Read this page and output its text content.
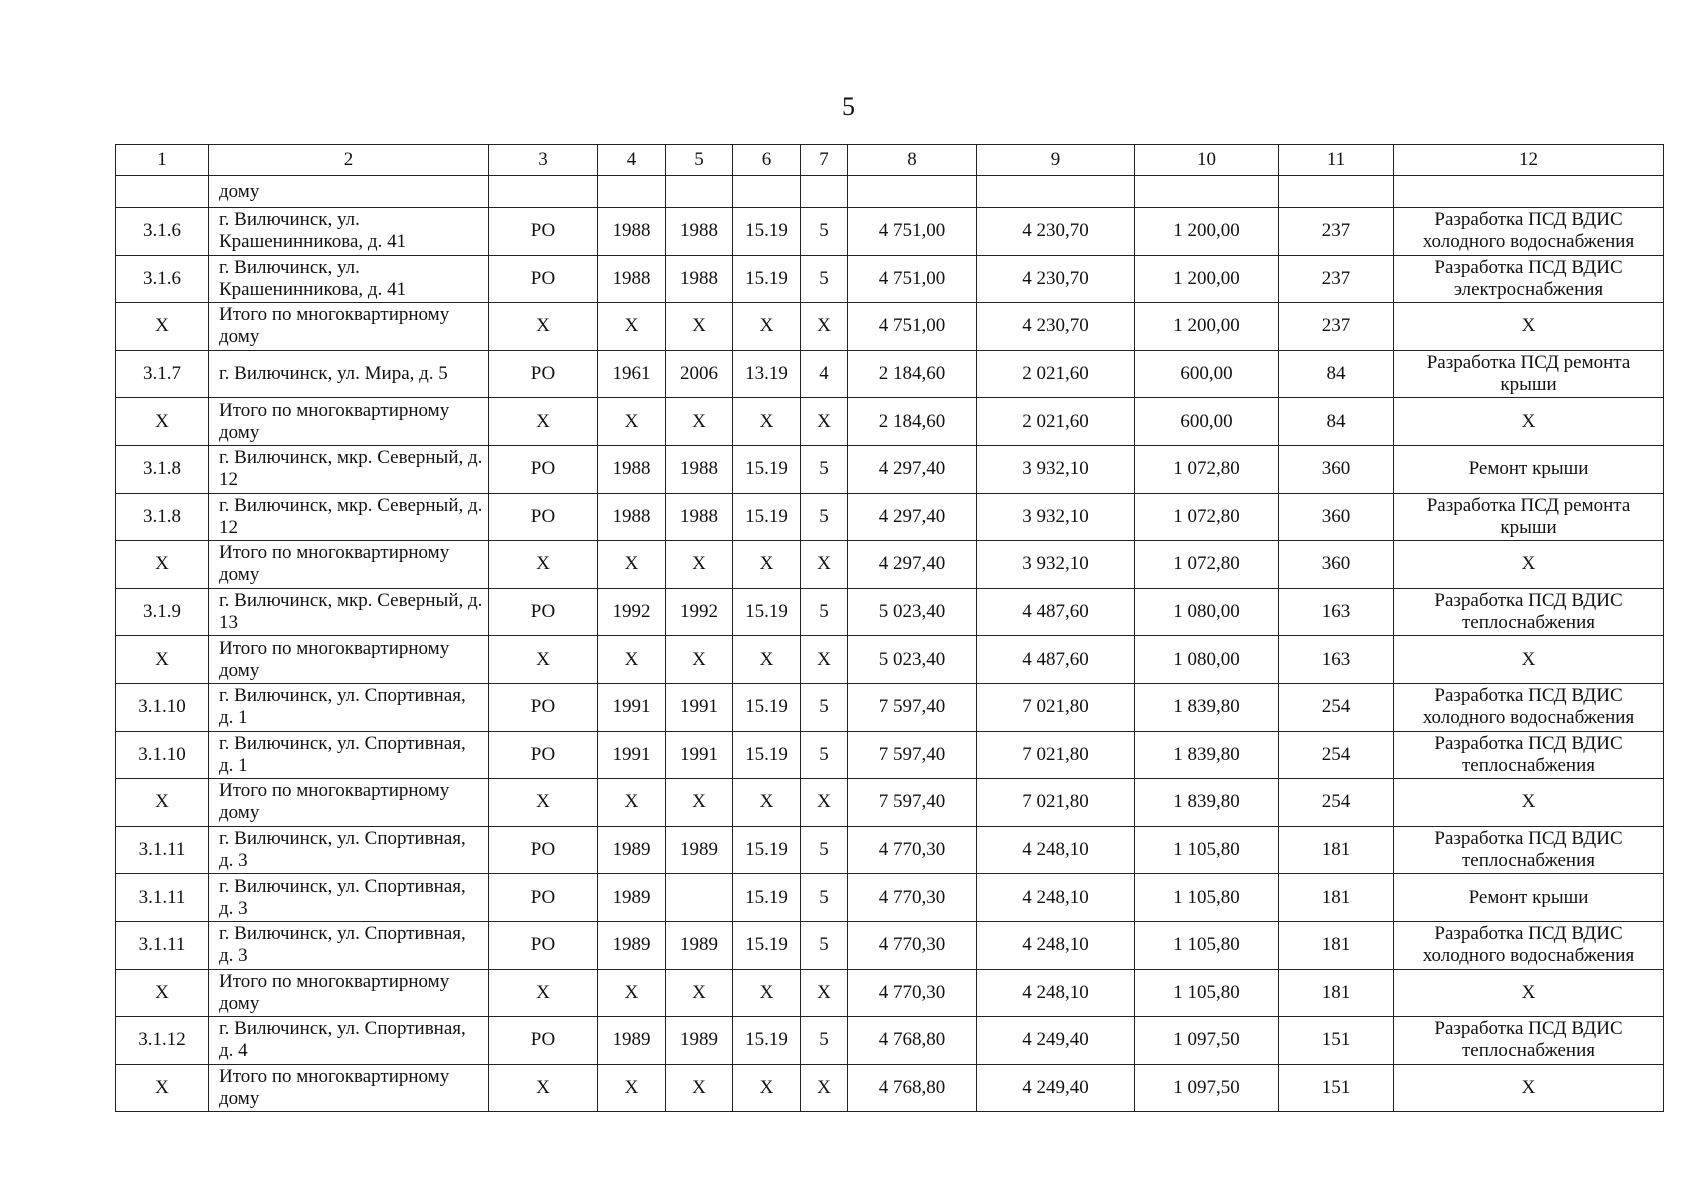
5
1	2	3	4	5	6	7	8	9	10	11	12
	дому										
3.1.6	г. Вилючинск, ул. Крашенинникова, д. 41	РО	1988	1988	15.19	5	4 751,00	4 230,70	1 200,00	237	Разработка ПСД ВДИС холодного водоснабжения
3.1.6	г. Вилючинск, ул. Крашенинникова, д. 41	РО	1988	1988	15.19	5	4 751,00	4 230,70	1 200,00	237	Разработка ПСД ВДИС электроснабжения
Х	Итого по многоквартирному дому	Х	Х	Х	Х	Х	4 751,00	4 230,70	1 200,00	237	Х
3.1.7	г. Вилючинск, ул. Мира, д. 5	РО	1961	2006	13.19	4	2 184,60	2 021,60	600,00	84	Разработка ПСД ремонта крыши
Х	Итого по многоквартирному дому	Х	Х	Х	Х	Х	2 184,60	2 021,60	600,00	84	Х
3.1.8	г. Вилючинск, мкр. Северный, д. 12	РО	1988	1988	15.19	5	4 297,40	3 932,10	1 072,80	360	Ремонт крыши
3.1.8	г. Вилючинск, мкр. Северный, д. 12	РО	1988	1988	15.19	5	4 297,40	3 932,10	1 072,80	360	Разработка ПСД ремонта крыши
Х	Итого по многоквартирному дому	Х	Х	Х	Х	Х	4 297,40	3 932,10	1 072,80	360	Х
3.1.9	г. Вилючинск, мкр. Северный, д. 13	РО	1992	1992	15.19	5	5 023,40	4 487,60	1 080,00	163	Разработка ПСД ВДИС теплоснабжения
Х	Итого по многоквартирному дому	Х	Х	Х	Х	Х	5 023,40	4 487,60	1 080,00	163	Х
3.1.10	г. Вилючинск, ул. Спортивная, д. 1	РО	1991	1991	15.19	5	7 597,40	7 021,80	1 839,80	254	Разработка ПСД ВДИС холодного водоснабжения
3.1.10	г. Вилючинск, ул. Спортивная, д. 1	РО	1991	1991	15.19	5	7 597,40	7 021,80	1 839,80	254	Разработка ПСД ВДИС теплоснабжения
Х	Итого по многоквартирному дому	Х	Х	Х	Х	Х	7 597,40	7 021,80	1 839,80	254	Х
3.1.11	г. Вилючинск, ул. Спортивная, д. 3	РО	1989	1989	15.19	5	4 770,30	4 248,10	1 105,80	181	Разработка ПСД ВДИС теплоснабжения
3.1.11	г. Вилючинск, ул. Спортивная, д. 3	РО	1989		15.19	5	4 770,30	4 248,10	1 105,80	181	Ремонт крыши
3.1.11	г. Вилючинск, ул. Спортивная, д. 3	РО	1989	1989	15.19	5	4 770,30	4 248,10	1 105,80	181	Разработка ПСД ВДИС холодного водоснабжения
Х	Итого по многоквартирному дому	Х	Х	Х	Х	Х	4 770,30	4 248,10	1 105,80	181	Х
3.1.12	г. Вилючинск, ул. Спортивная, д. 4	РО	1989	1989	15.19	5	4 768,80	4 249,40	1 097,50	151	Разработка ПСД ВДИС теплоснабжения
Х	Итого по многоквартирному дому	Х	Х	Х	Х	Х	4 768,80	4 249,40	1 097,50	151	Х
